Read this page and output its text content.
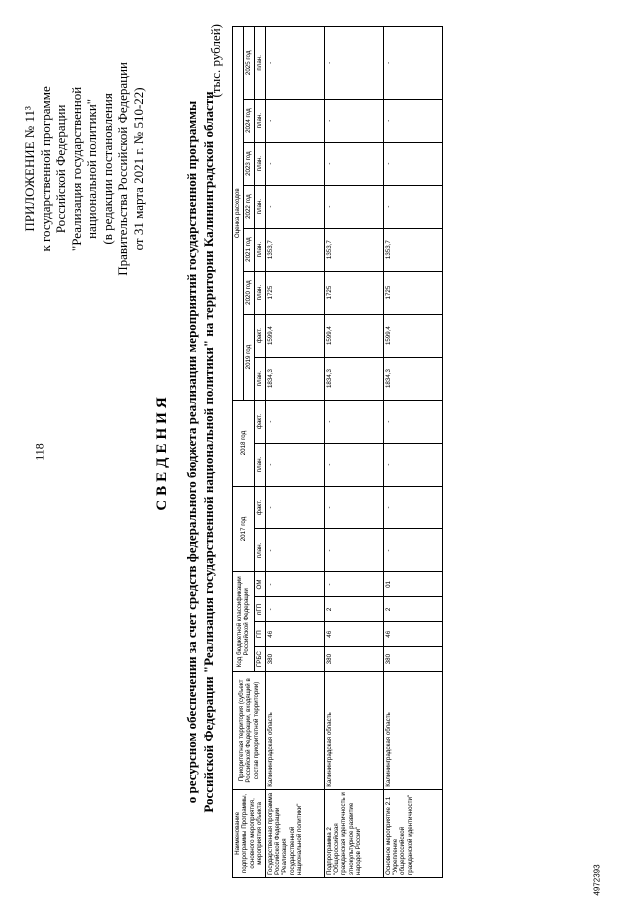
118
ПРИЛОЖЕНИЕ № 11³ к государственной программе Российской Федерации "Реализация государственной национальной политики" (в редакции постановления Правительства Российской Федерации от 31 марта 2021 г. № 510-22)
СВЕДЕНИЯ о ресурсном обеспечении за счет средств федерального бюджета реализации мероприятий государственной программы Российской Федерации "Реализация государственной национальной политики" на территории Калининградской области
(тыс. рублей)
Наименование подпрограммы Программы, основного мероприятия, мероприятия объекта	Приоритетная территория (субъект Российской Федерации, входящий в состав приоритетной территории)	Код бюджетной классификации Российской Федерации				2017 год		2018 год		Оценка расходов							
										2019 год		2020 год	2021 год	2022 год	2023 год	2024 год	2025 год
		ГРБС	ГП	пГП	ОМ	план.	факт.	план.	факт.	план.	факт.	план.	план.	план.	план.	план.	план.
Государственная программа Российской Федерации "Реализация государственной национальной политики"	Калининградская область	380	46	-	-	-	-	-	-	1834,3	1599,4	1725	1353,7	-	-	-	-
Подпрограмма 2 "Общероссийская гражданская идентичность и этнокультурное развитие народов России"	Калининградская область	380	46	2	-	-	-	-	-	1834,3	1599,4	1725	1353,7	-	-	-	-
Основное мероприятие 2.1 "Укрепление общероссийской гражданской идентичности"	Калининградская область	380	46	2	01	-	-	-	-	1834,3	1599,4	1725	1353,7	-	-	-	-
4972393
